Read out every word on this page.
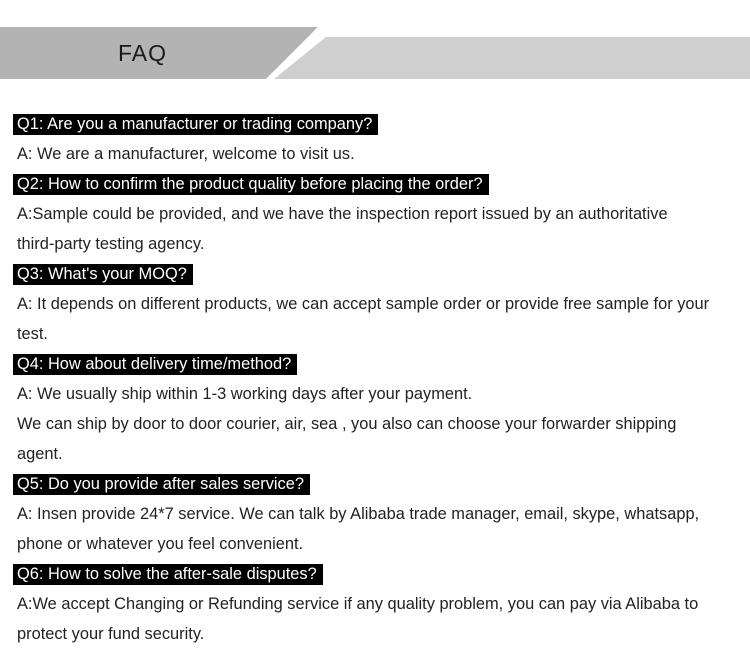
FAQ
Q1: Are you a manufacturer or trading company?
A: We are a manufacturer, welcome to visit us.
Q2: How to confirm the product quality before placing the order?
A:Sample could be provided, and we have the inspection report issued by an authoritative
third-party testing agency.
Q3: What's your MOQ?
A: It depends on different products, we can accept sample order or provide free sample for your
test.
Q4: How about delivery time/method?
A: We usually ship within 1-3 working days after your payment.
We can ship by door to door courier, air, sea , you also can choose your forwarder shipping
agent.
Q5: Do you provide after sales service?
A: Insen provide 24*7 service. We can talk by Alibaba trade manager, email, skype, whatsapp,
phone or whatever you feel convenient.
Q6: How to solve the after-sale disputes?
A:We accept Changing or Refunding service if any quality problem, you can pay via Alibaba to
protect your fund security.
